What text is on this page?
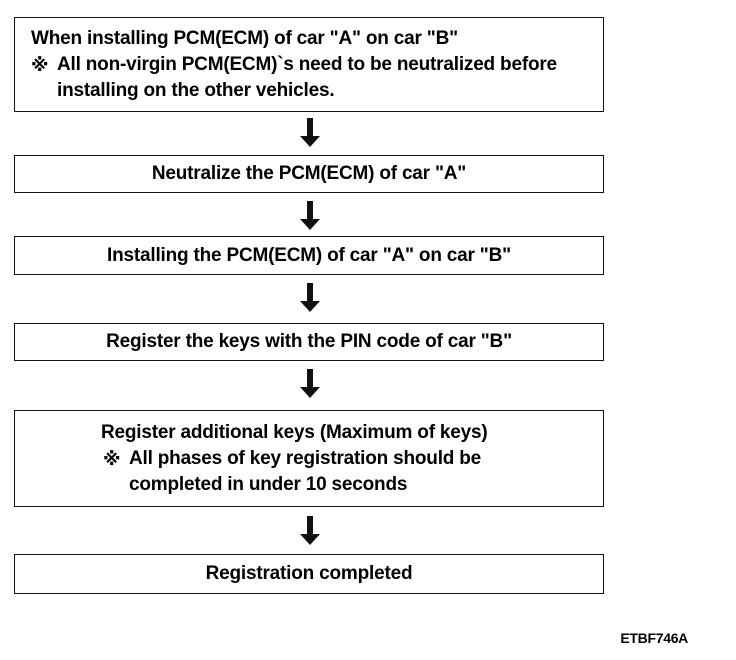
When installing PCM(ECM) of car "A" on car "B"
※ All non-virgin PCM(ECM)`s need to be neutralized before
installing on the other vehicles.
Neutralize the PCM(ECM) of car "A"
Installing the PCM(ECM) of car "A" on car "B"
Register the keys with the PIN code of car "B"
Register additional keys (Maximum of keys)
※ All phases of key registration should be
completed in under 10 seconds
Registration completed
ETBF746A
